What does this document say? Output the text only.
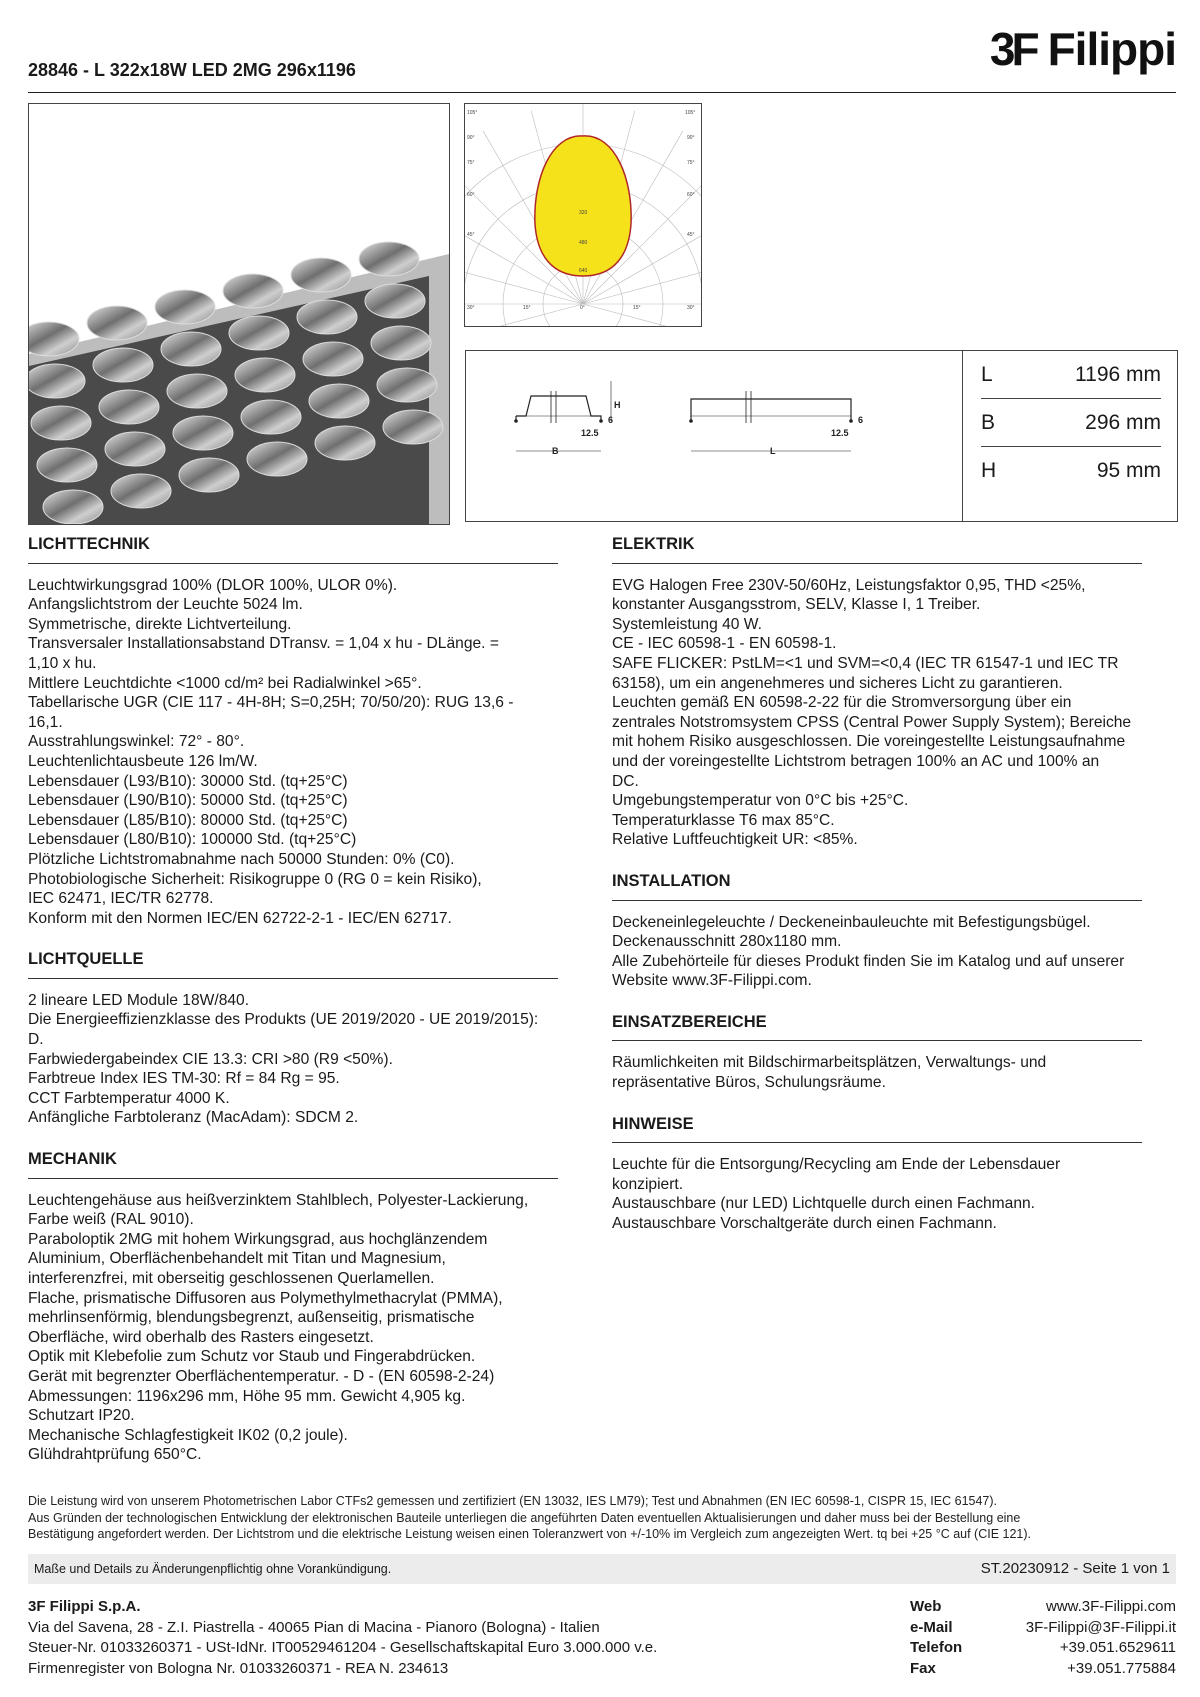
28846 - L 322x18W LED 2MG 296x1196	3F Filippi
105°
90°
75°
60°
45°
30°
105°
90°
75°
60°
45°
30°
15°	0°	15°
320
480
640
H
B	L
12.5
6
12.5
6
L	1196 mm
B	296 mm
H	95 mm
LICHTTECHNIK

Leuchtwirkungsgrad 100% (DLOR 100%, ULOR 0%).
Anfangslichtstrom der Leuchte 5024 lm.
Symmetrische, direkte Lichtverteilung.
Transversaler Installationsabstand DTransv. = 1,04 x hu - DLänge. =
1,10 x hu.
Mittlere Leuchtdichte <1000 cd/m² bei Radialwinkel >65°.
Tabellarische UGR (CIE 117 - 4H-8H; S=0,25H; 70/50/20): RUG 13,6 -
16,1.
Ausstrahlungswinkel: 72° - 80°.
Leuchtenlichtausbeute 126 lm/W.
Lebensdauer (L93/B10): 30000 Std. (tq+25°C)
Lebensdauer (L90/B10): 50000 Std. (tq+25°C)
Lebensdauer (L85/B10): 80000 Std. (tq+25°C)
Lebensdauer (L80/B10): 100000 Std. (tq+25°C)
Plötzliche Lichtstromabnahme nach 50000 Stunden: 0% (C0).
Photobiologische Sicherheit: Risikogruppe 0 (RG 0 = kein Risiko),
IEC 62471, IEC/TR 62778.
Konform mit den Normen IEC/EN 62722-2-1 - IEC/EN 62717.

LICHTQUELLE

2 lineare LED Module 18W/840.
Die Energieeffizienzklasse des Produkts (UE 2019/2020 - UE 2019/2015):
D.
Farbwiedergabeindex CIE 13.3: CRI >80 (R9 <50%).
Farbtreue Index IES TM-30: Rf = 84 Rg = 95.
CCT Farbtemperatur 4000 K.
Anfängliche Farbtoleranz (MacAdam): SDCM 2.

MECHANIK

Leuchtengehäuse aus heißverzinktem Stahlblech, Polyester-Lackierung,
Farbe weiß (RAL 9010).
Paraboloptik 2MG mit hohem Wirkungsgrad, aus hochglänzendem
Aluminium, Oberflächenbehandelt mit Titan und Magnesium,
interferenzfrei, mit oberseitig geschlossenen Querlamellen.
Flache, prismatische Diffusoren aus Polymethylmethacrylat (PMMA),
mehrlinsenförmig, blendungsbegrenzt, außenseitig, prismatische
Oberfläche, wird oberhalb des Rasters eingesetzt.
Optik mit Klebefolie zum Schutz vor Staub und Fingerabdrücken.
Gerät mit begrenzter Oberflächentemperatur. - D - (EN 60598-2-24)
Abmessungen: 1196x296 mm, Höhe 95 mm. Gewicht 4,905 kg.
Schutzart IP20.
Mechanische Schlagfestigkeit IK02 (0,2 joule).
Glühdrahtprüfung 650°C.

ELEKTRIK

EVG Halogen Free 230V-50/60Hz, Leistungsfaktor 0,95, THD <25%,
konstanter Ausgangsstrom, SELV, Klasse I, 1 Treiber.
Systemleistung 40 W.
CE - IEC 60598-1 - EN 60598-1.
SAFE FLICKER: PstLM=<1 und SVM=<0,4 (IEC TR 61547-1 und IEC TR
63158), um ein angenehmeres und sicheres Licht zu garantieren.
Leuchten gemäß EN 60598-2-22 für die Stromversorgung über ein
zentrales Notstromsystem CPSS (Central Power Supply System); Bereiche
mit hohem Risiko ausgeschlossen. Die voreingestellte Leistungsaufnahme
und der voreingestellte Lichtstrom betragen 100% an AC und 100% an
DC.
Umgebungstemperatur von 0°C bis +25°C.
Temperaturklasse T6 max 85°C.
Relative Luftfeuchtigkeit UR: <85%.

INSTALLATION

Deckeneinlegeleuchte / Deckeneinbauleuchte mit Befestigungsbügel.
Deckenausschnitt 280x1180 mm.
Alle Zubehörteile für dieses Produkt finden Sie im Katalog und auf unserer
Website www.3F-Filippi.com.

EINSATZBEREICHE

Räumlichkeiten mit Bildschirmarbeitsplätzen, Verwaltungs- und
repräsentative Büros, Schulungsräume.

HINWEISE

Leuchte für die Entsorgung/Recycling am Ende der Lebensdauer
konzipiert.
Austauschbare (nur LED) Lichtquelle durch einen Fachmann.
Austauschbare Vorschaltgeräte durch einen Fachmann.

Die Leistung wird von unserem Photometrischen Labor CTFs2 gemessen und zertifiziert (EN 13032, IES LM79); Test und Abnahmen (EN IEC 60598-1, CISPR 15, IEC 61547).
Aus Gründen der technologischen Entwicklung der elektronischen Bauteile unterliegen die angeführten Daten eventuellen Aktualisierungen und daher muss bei der Bestellung eine
Bestätigung angefordert werden. Der Lichtstrom und die elektrische Leistung weisen einen Toleranzwert von +/-10% im Vergleich zum angezeigten Wert. tq bei +25 °C auf (CIE 121).
Maße und Details zu Änderungenpflichtig ohne Vorankündigung.	ST.20230912 - Seite 1 von 1
3F Filippi S.p.A.
Via del Savena, 28 - Z.I. Piastrella - 40065 Pian di Macina - Pianoro (Bologna) - Italien
Steuer-Nr. 01033260371 - USt-IdNr. IT00529461204 - Gesellschaftskapital Euro 3.000.000 v.e.
Firmenregister von Bologna Nr. 01033260371 - REA N. 234613
Web	www.3F-Filippi.com
e-Mail	3F-Filippi@3F-Filippi.it
Telefon	+39.051.6529611
Fax	+39.051.775884
